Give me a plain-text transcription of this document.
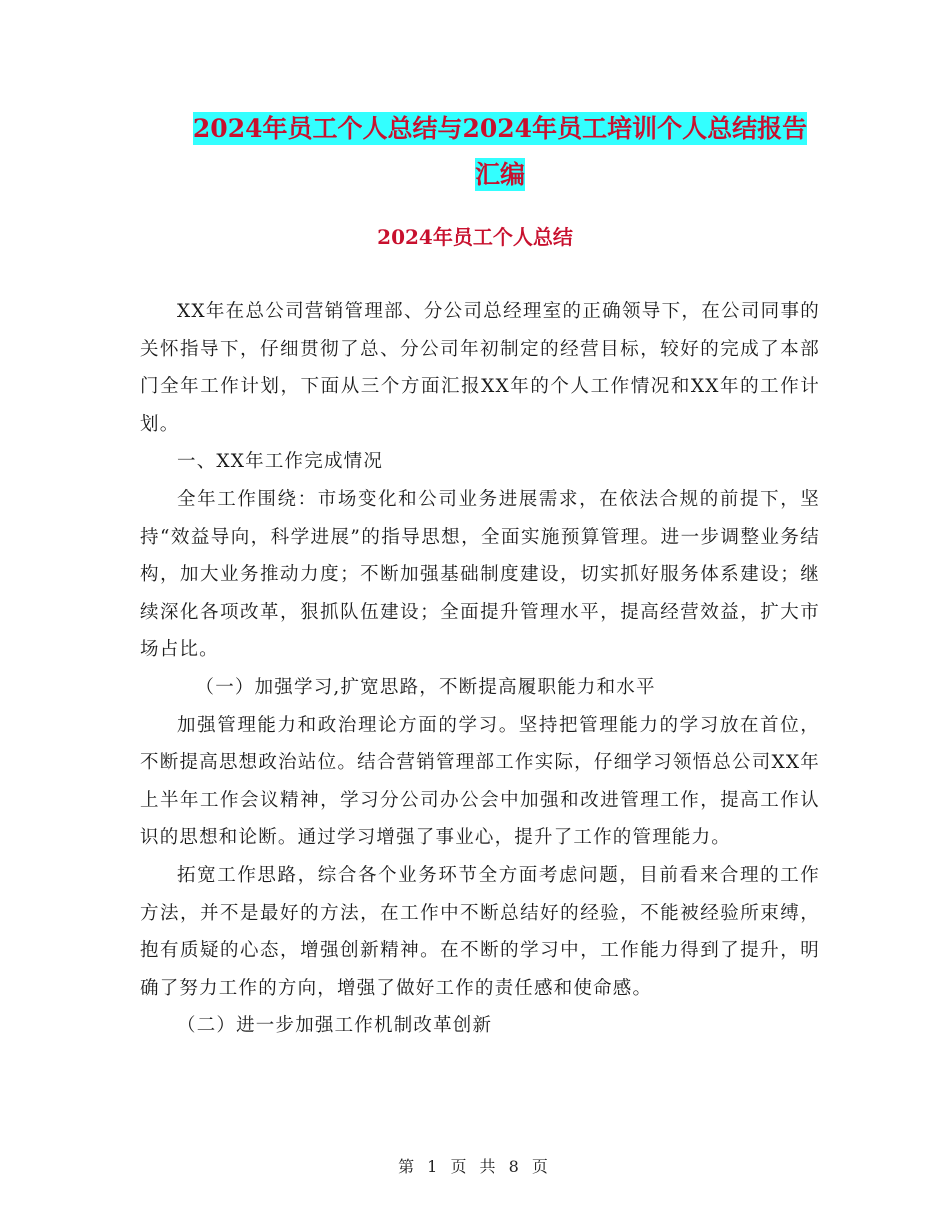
2024年员工个人总结与2024年员工培训个人总结报告
汇编
2024年员工个人总结

XX年在总公司营销管理部、分公司总经理室的正确领导下，在公司同事的关怀指导下，仔细贯彻了总、分公司年初制定的经营目标，较好的完成了本部门全年工作计划，下面从三个方面汇报XX年的个人工作情况和XX年的工作计划。

一、XX年工作完成情况

全年工作围绕：市场变化和公司业务进展需求，在依法合规的前提下，坚持“效益导向，科学进展”的指导思想，全面实施预算管理。进一步调整业务结构，加大业务推动力度；不断加强基础制度建设，切实抓好服务体系建设；继续深化各项改革，狠抓队伍建设；全面提升管理水平，提高经营效益，扩大市场占比。

（一）加强学习,扩宽思路，不断提高履职能力和水平

加强管理能力和政治理论方面的学习。坚持把管理能力的学习放在首位，不断提高思想政治站位。结合营销管理部工作实际，仔细学习领悟总公司XX年上半年工作会议精神，学习分公司办公会中加强和改进管理工作，提高工作认识的思想和论断。通过学习增强了事业心，提升了工作的管理能力。

拓宽工作思路，综合各个业务环节全方面考虑问题，目前看来合理的工作方法，并不是最好的方法，在工作中不断总结好的经验，不能被经验所束缚，抱有质疑的心态，增强创新精神。在不断的学习中，工作能力得到了提升，明确了努力工作的方向，增强了做好工作的责任感和使命感。

（二）进一步加强工作机制改革创新

第 1 页 共 8 页
